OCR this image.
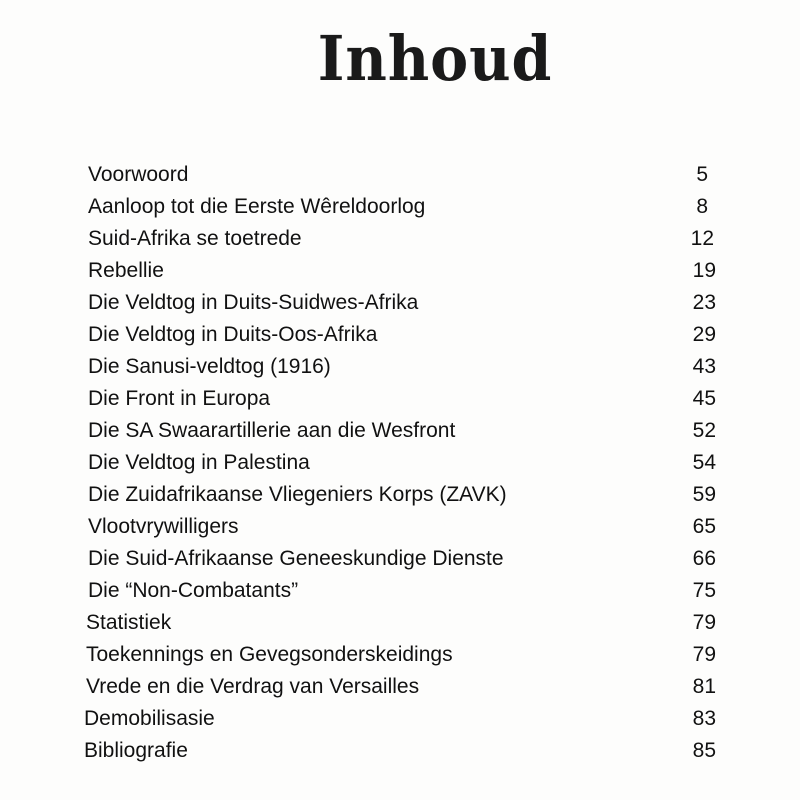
Inhoud
Voorwoord	5
Aanloop tot die Eerste Wêreldoorlog	8
Suid-Afrika se toetrede	12
Rebellie	19
Die Veldtog in Duits-Suidwes-Afrika	23
Die Veldtog in Duits-Oos-Afrika	29
Die Sanusi-veldtog (1916)	43
Die Front in Europa	45
Die SA Swaarartillerie aan die Wesfront	52
Die Veldtog in Palestina	54
Die Zuidafrikaanse Vliegeniers Korps (ZAVK)	59
Vlootvrywilligers	65
Die Suid-Afrikaanse Geneeskundige Dienste	66
Die “Non-Combatants”	75
Statistiek	79
Toekennings en Gevegsonderskeidings	79
Vrede en die Verdrag van Versailles	81
Demobilisasie	83
Bibliografie	85
